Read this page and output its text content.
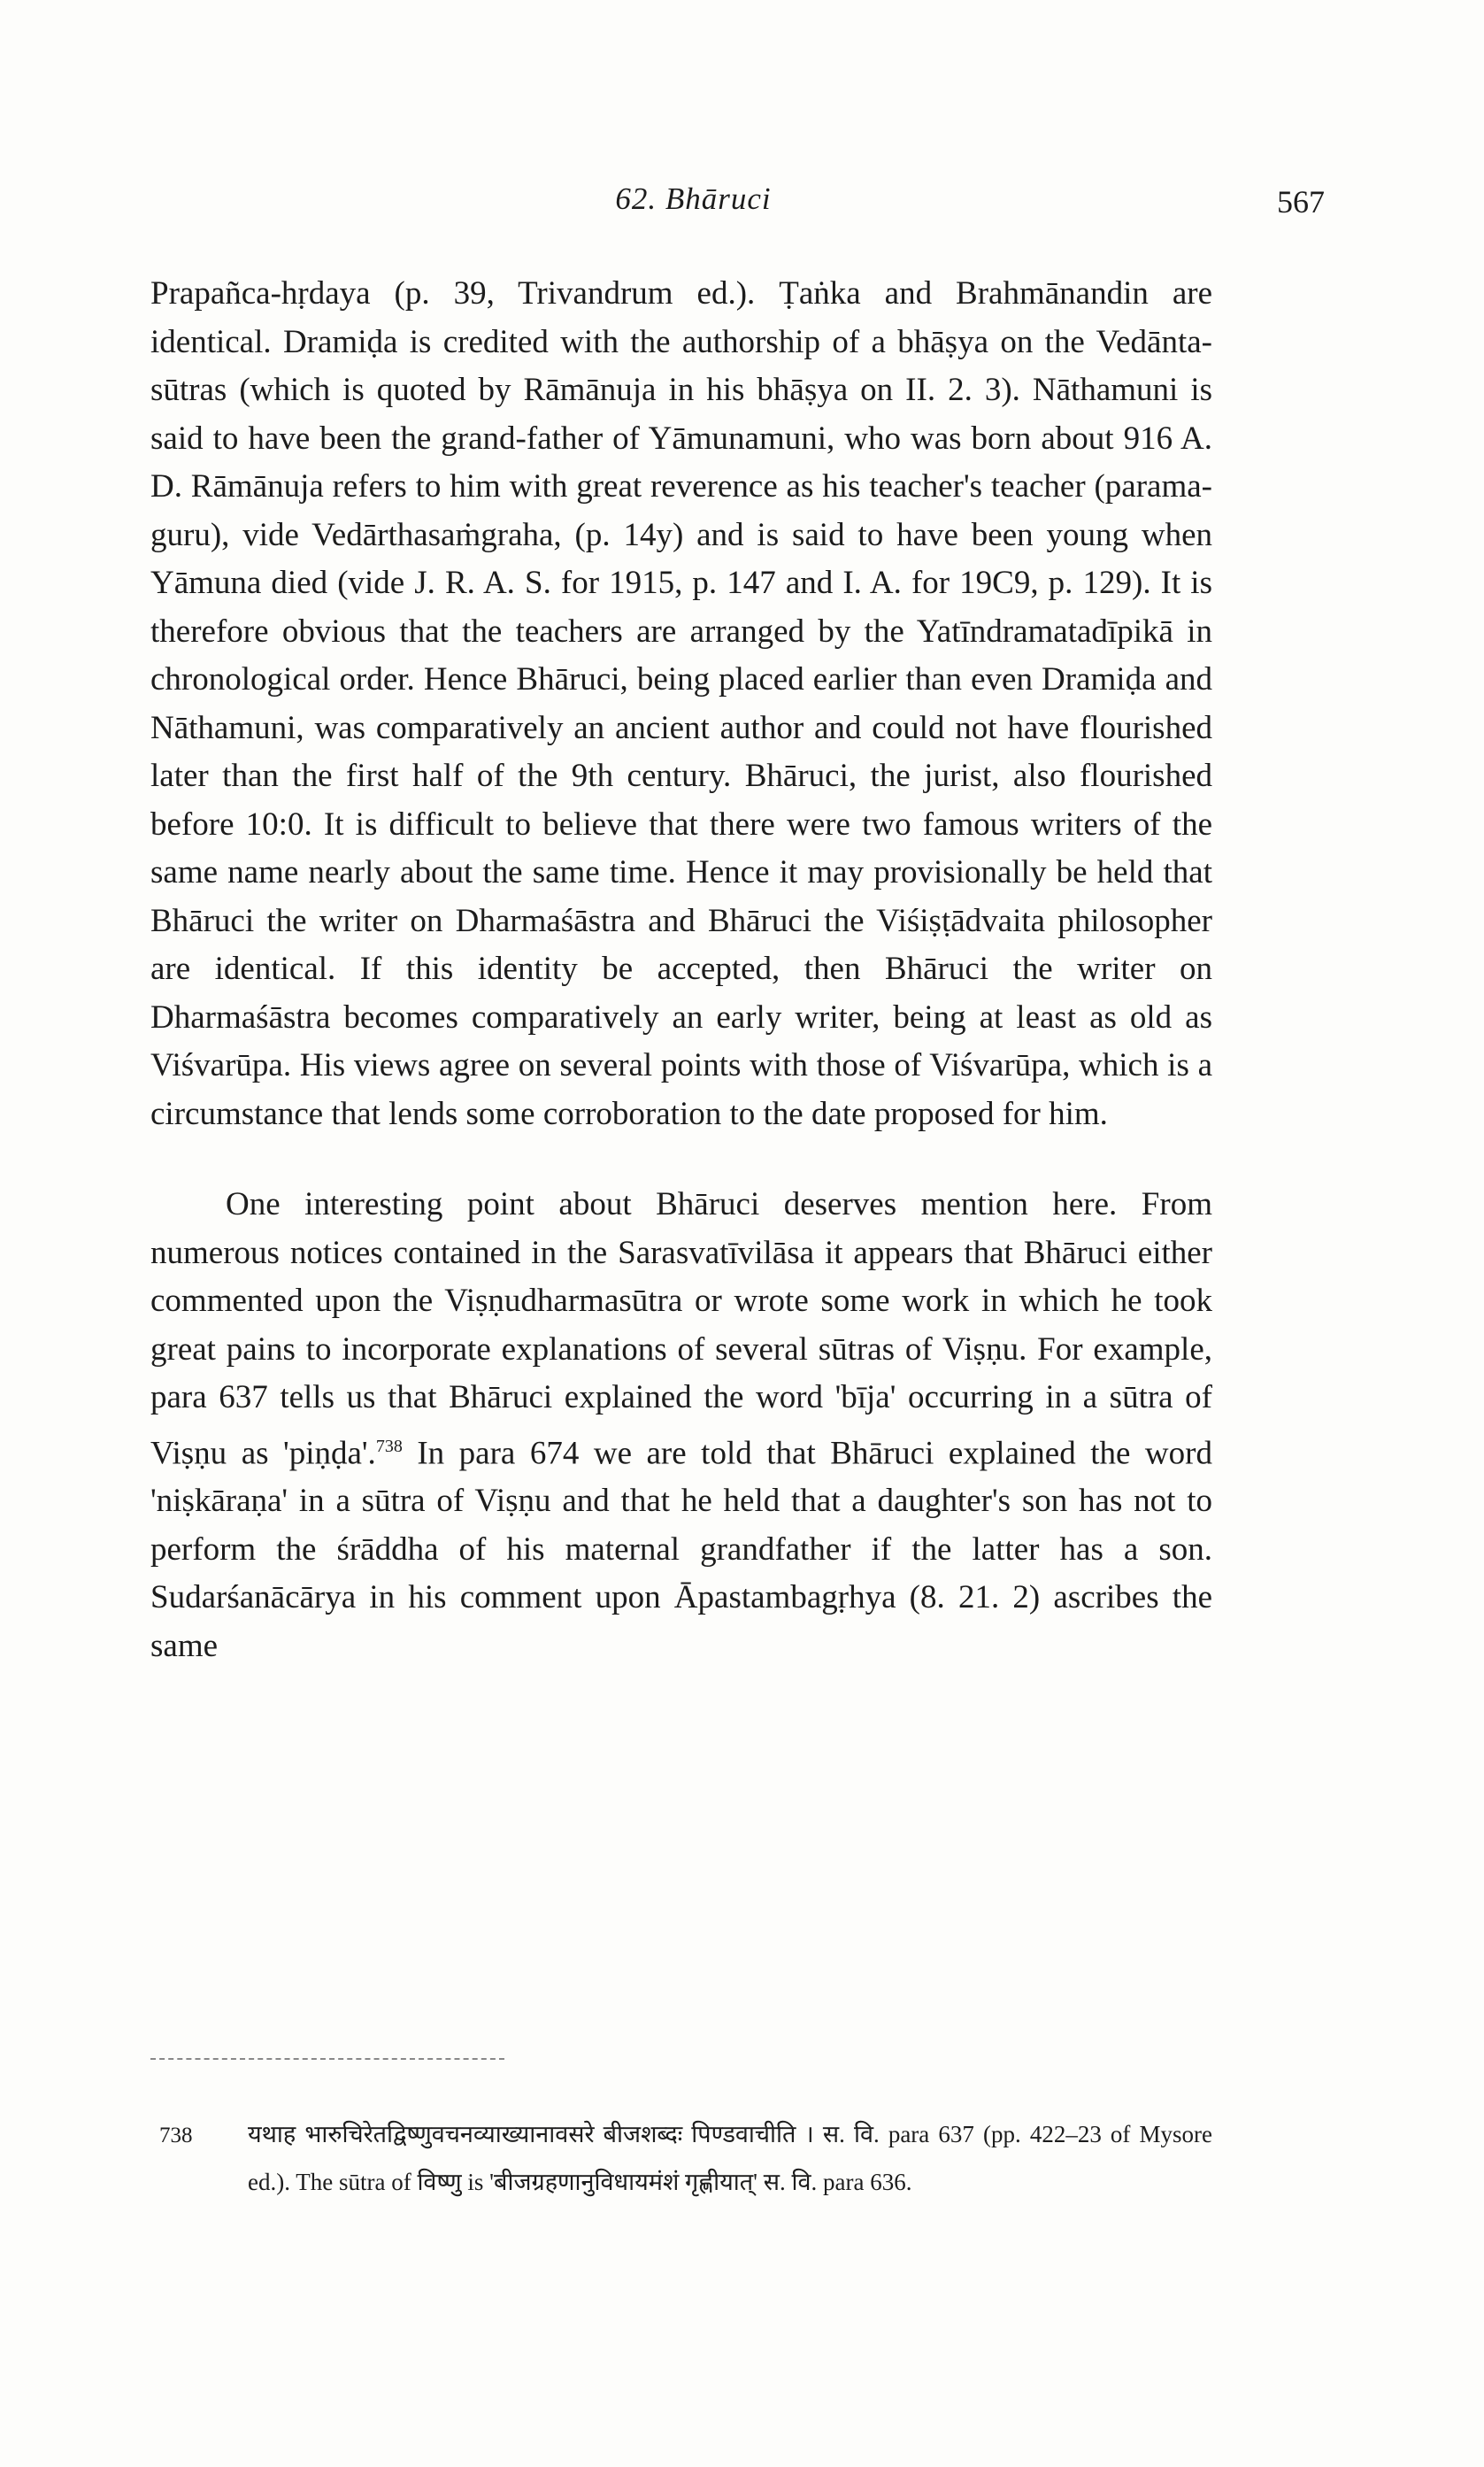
62. Bhāruci	567

Prapañca-hṛdaya (p. 39, Trivandrum ed.). Ṭaṅka and Brahmānandin are identical. Dramiḍa is credited with the authorship of a bhāṣya on the Vedānta-sūtras (which is quoted by Rāmānuja in his bhāṣya on II. 2. 3). Nāthamuni is said to have been the grand-father of Yāmunamuni, who was born about 916 A. D. Rāmānuja refers to him with great reverence as his teacher's teacher (parama-guru), vide Vedārthasaṁgraha, (p. 14y) and is said to have been young when Yāmuna died (vide J. R. A. S. for 1915, p. 147 and I. A. for 19C9, p. 129). It is therefore obvious that the teachers are arranged by the Yatīndramatadīpikā in chronological order. Hence Bhāruci, being placed earlier than even Dramiḍa and Nāthamuni, was comparatively an ancient author and could not have flourished later than the first half of the 9th century. Bhāruci, the jurist, also flourished before 10:0. It is difficult to believe that there were two famous writers of the same name nearly about the same time. Hence it may provisionally be held that Bhāruci the writer on Dharmaśāstra and Bhāruci the Viśiṣṭādvaita philosopher are identical. If this identity be accepted, then Bhāruci the writer on Dharmaśāstra becomes comparatively an early writer, being at least as old as Viśvarūpa. His views agree on several points with those of Viśvarūpa, which is a circumstance that lends some corroboration to the date proposed for him.

One interesting point about Bhāruci deserves mention here. From numerous notices contained in the Sarasvatīvilāsa it appears that Bhāruci either commented upon the Viṣṇudharmasūtra or wrote some work in which he took great pains to incorporate explanations of several sūtras of Viṣṇu. For example, para 637 tells us that Bhāruci explained the word 'bīja' occurring in a sūtra of Viṣṇu as 'piṇḍa'.$^{738}$ In para 674 we are told that Bhāruci explained the word 'niṣkāraṇa' in a sūtra of Viṣṇu and that he held that a daughter's son has not to perform the śrāddha of his maternal grandfather if the latter has a son. Sudarśanācārya in his comment upon Āpastambagṛhya (8. 21. 2) ascribes the same

738 यथाह भारुचिरेतद्विष्णुवचनव्याख्यानावसरे बीजशब्दः पिण्डवाचीति । स. वि. para 637 (pp. 422–23 of Mysore ed.). The sūtra of विष्णु is 'बीजग्रहणानुविधायमंशं गृह्णीयात्' स. वि. para 636.
